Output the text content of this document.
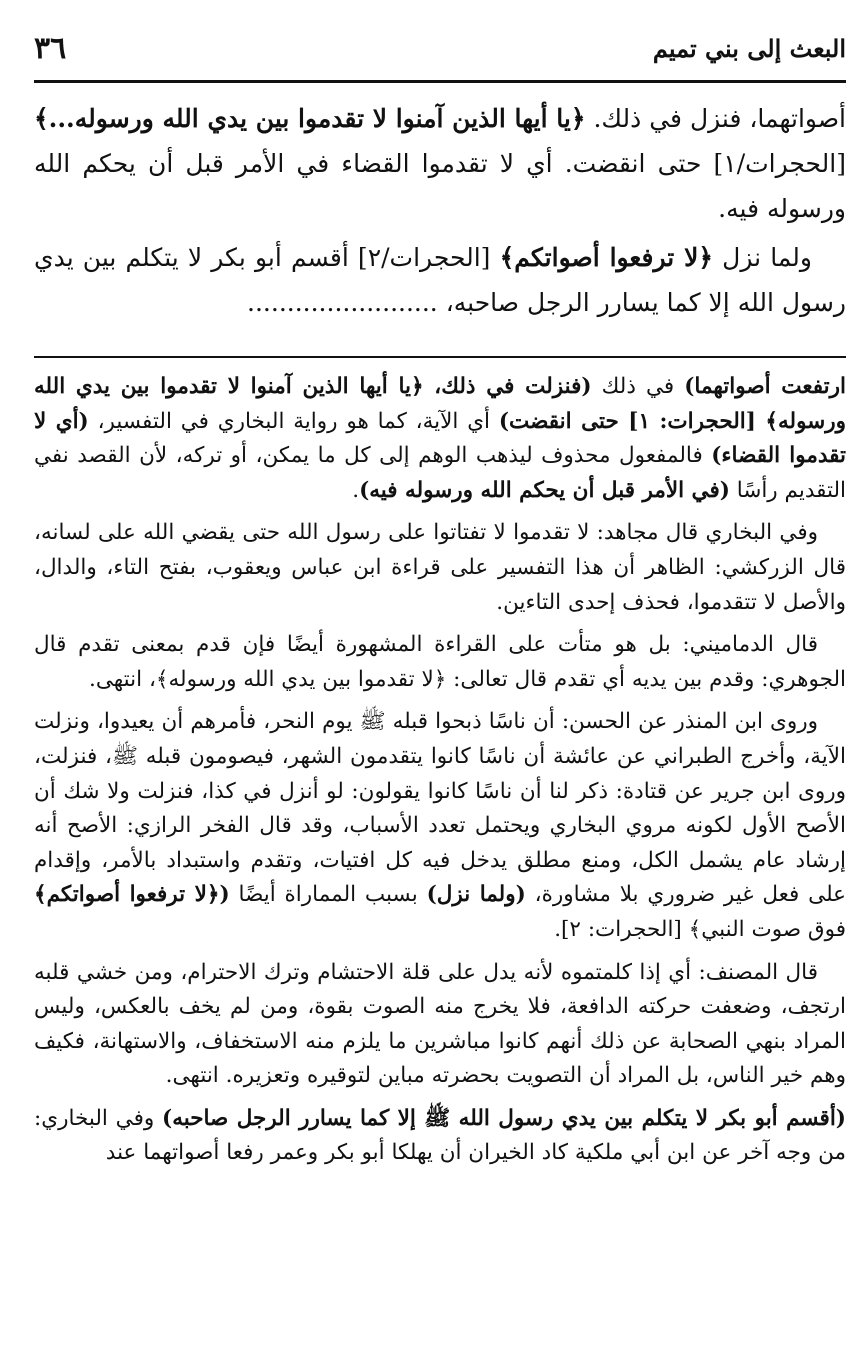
البعث إلى بني تميم
٣٦

أصواتهما، فنزل في ذلك. ﴿يا أيها الذين آمنوا لا تقدموا بين يدي الله ورسوله...﴾ [الحجرات/١] حتى انقضت. أي لا تقدموا القضاء في الأمر قبل أن يحكم الله ورسوله فيه.

ولما نزل ﴿لا ترفعوا أصواتكم﴾ [الحجرات/٢] أقسم أبو بكر لا يتكلم بين يدي رسول الله إلا كما يسارر الرجل صاحبه، ........................

ارتفعت أصواتهما) في ذلك (فنزلت في ذلك، ﴿يا أيها الذين آمنوا لا تقدموا بين يدي الله ورسوله﴾ [الحجرات: ١] حتى انقضت) أي الآية، كما هو رواية البخاري في التفسير، (أي لا تقدموا القضاء) فالمفعول محذوف ليذهب الوهم إلى كل ما يمكن، أو تركه، لأن القصد نفي التقديم رأسًا (في الأمر قبل أن يحكم الله ورسوله فيه).

وفي البخاري قال مجاهد: لا تقدموا لا تفتاتوا على رسول الله حتى يقضي الله على لسانه، قال الزركشي: الظاهر أن هذا التفسير على قراءة ابن عباس ويعقوب، بفتح التاء، والدال، والأصل لا تتقدموا، فحذف إحدى التاءين.

قال الدماميني: بل هو متأت على القراءة المشهورة أيضًا فإن قدم بمعنى تقدم قال الجوهري: وقدم بين يديه أي تقدم قال تعالى: ﴿لا تقدموا بين يدي الله ورسوله﴾، انتهى.

وروى ابن المنذر عن الحسن: أن ناسًا ذبحوا قبله ﷺ يوم النحر، فأمرهم أن يعيدوا، ونزلت الآية، وأخرج الطبراني عن عائشة أن ناسًا كانوا يتقدمون الشهر، فيصومون قبله ﷺ، فنزلت، وروى ابن جرير عن قتادة: ذكر لنا أن ناسًا كانوا يقولون: لو أنزل في كذا، فنزلت ولا شك أن الأصح الأول لكونه مروي البخاري ويحتمل تعدد الأسباب، وقد قال الفخر الرازي: الأصح أنه إرشاد عام يشمل الكل، ومنع مطلق يدخل فيه كل افتيات، وتقدم واستبداد بالأمر، وإقدام على فعل غير ضروري بلا مشاورة، (ولما نزل) بسبب المماراة أيضًا (﴿لا ترفعوا أصواتكم﴾ فوق صوت النبي﴾ [الحجرات: ٢].

قال المصنف: أي إذا كلمتموه لأنه يدل على قلة الاحتشام وترك الاحترام، ومن خشي قلبه ارتجف، وضعفت حركته الدافعة، فلا يخرج منه الصوت بقوة، ومن لم يخف بالعكس، وليس المراد بنهي الصحابة عن ذلك أنهم كانوا مباشرين ما يلزم منه الاستخفاف، والاستهانة، فكيف وهم خير الناس، بل المراد أن التصويت بحضرته مباين لتوقيره وتعزيره. انتهى.

(أقسم أبو بكر لا يتكلم بين يدي رسول الله ﷺ إلا كما يسارر الرجل صاحبه) وفي البخاري: من وجه آخر عن ابن أبي ملكية كاد الخيران أن يهلكا أبو بكر وعمر رفعا أصواتهما عند
